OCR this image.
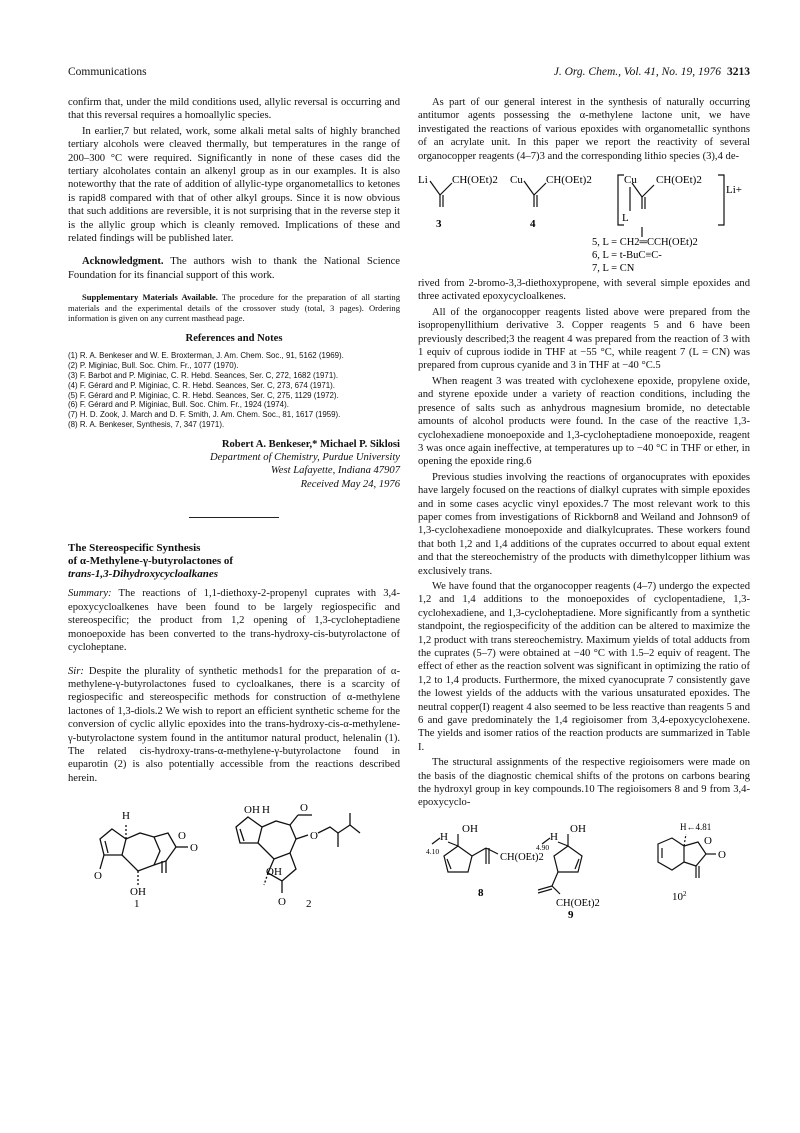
Communications	J. Org. Chem., Vol. 41, No. 19, 1976 3213

confirm that, under the mild conditions used, allylic reversal is occurring and that this reversal requires a homoallylic species.

In earlier,7 but related, work, some alkali metal salts of highly branched tertiary alcohols were cleaved thermally, but temperatures in the range of 200–300 °C were required. Significantly in none of these cases did the tertiary alcoholates contain an alkenyl group as in our examples. It is also noteworthy that the rate of addition of allylic-type organometallics to ketones is rapid8 compared with that of other alkyl groups. Since it is now obvious that such additions are reversible, it is not surprising that in the reverse step it is the allylic group which is cleanly removed. Implications of these and related findings will be published later.

Acknowledgment. The authors wish to thank the National Science Foundation for its financial support of this work.

Supplementary Materials Available. The procedure for the preparation of all starting materials and the experimental details of the crossover study (total, 3 pages). Ordering information is given on any current masthead page.

References and Notes
(1) R. A. Benkeser and W. E. Broxterman, J. Am. Chem. Soc., 91, 5162 (1969).
(2) P. Miginiac, Bull. Soc. Chim. Fr., 1077 (1970).
(3) F. Barbot and P. Miginiac, C. R. Hebd. Seances, Ser. C, 272, 1682 (1971).
(4) F. Gérard and P. Miginiac, C. R. Hebd. Seances, Ser. C, 273, 674 (1971).
(5) F. Gérard and P. Miginiac, C. R. Hebd. Seances, Ser. C, 275, 1129 (1972).
(6) F. Gérard and P. Miginiac, Bull. Soc. Chim. Fr., 1924 (1974).
(7) H. D. Zook, J. March and D. F. Smith, J. Am. Chem. Soc., 81, 1617 (1959).
(8) R. A. Benkeser, Synthesis, 7, 347 (1971).
Robert A. Benkeser,* Michael P. Siklosi
Department of Chemistry, Purdue University
West Lafayette, Indiana 47907
Received May 24, 1976
The Stereospecific Synthesis
of α-Methylene-γ-butyrolactones of
trans-1,3-Dihydroxycycloalkanes

Summary: The reactions of 1,1-diethoxy-2-propenyl cuprates with 3,4-epoxycycloalkenes have been found to be largely regiospecific and stereospecific; the product from 1,2 opening of 1,3-cycloheptadiene monoepoxide has been converted to the trans-hydroxy-cis-butyrolactone of cycloheptane.

Sir: Despite the plurality of synthetic methods1 for the preparation of α-methylene-γ-butyrolactones fused to cycloalkanes, there is a scarcity of regiospecific and stereospecific methods for construction of α-methylene lactones of 1,3-diols.2 We wish to report an efficient synthetic scheme for the conversion of cyclic allylic epoxides into the trans-hydroxy-cis-α-methylene-γ-butyrolactone system found in the antitumor natural product, helenalin (1). The related cis-hydroxy-trans-α-methylene-γ-butyrolactone found in euparotin (2) is also potentially accessible from the reactions described herein.

H
O
O
O
OH
1
OH H	O
O
OH
O 2

As part of our general interest in the synthesis of naturally occurring antitumor agents possessing the α-methylene lactone unit, we have investigated the reactions of various epoxides with organometallic synthons of an acrylate unit. In this paper we report the reactivity of several organocopper reagents (4–7)3 and the corresponding lithio species (3),4 de-

Li CH(OEt)2 Cu CH(OEt)2	Cu CH(OEt)2
L
Li+
3	4
5, L = CH2═CCH(OEt)2
6, L = t-BuC≡C-
7, L = CN

rived from 2-bromo-3,3-diethoxypropene, with several simple epoxides and three activated epoxycycloalkenes.

All of the organocopper reagents listed above were prepared from the isopropenyllithium derivative 3. Copper reagents 5 and 6 have been previously described;3 the reagent 4 was prepared from the reaction of 3 with 1 equiv of cuprous iodide in THF at −55 °C, while reagent 7 (L = CN) was prepared from cuprous cyanide and 3 in THF at −40 °C.5

When reagent 3 was treated with cyclohexene epoxide, propylene oxide, and styrene epoxide under a variety of reaction conditions, including the presence of salts such as anhydrous magnesium bromide, no detectable amounts of alcohol products were found. In the case of the reactive 1,3-cyclohexadiene monoepoxide and 1,3-cycloheptadiene monoepoxide, reagent 3 was once again ineffective, at temperatures up to −40 °C in THF or ether, in opening the epoxide ring.6

Previous studies involving the reactions of organocuprates with epoxides have largely focused on the reactions of dialkyl cuprates with simple epoxides and in some cases acyclic vinyl epoxides.7 The most relevant work to this paper comes from investigations of Rickborn8 and Weiland and Johnson9 of 1,3-cyclohexadiene monoepoxide and dialkylcuprates. These workers found that both 1,2 and 1,4 additions of the cuprates occurred to about equal extent and that the stereochemistry of the products with dimethylcopper lithium was exclusively trans.

We have found that the organocopper reagents (4–7) undergo the expected 1,2 and 1,4 additions to the monoepoxides of cyclopentadiene, 1,3-cyclohexadiene, and 1,3-cycloheptadiene. More significantly from a synthetic standpoint, the regiospecificity of the addition can be altered to maximize the 1,2 product with trans stereochemistry. Maximum yields of total adducts from the cuprates (5–7) were obtained at −40 °C with 1.5–2 equiv of reagent. The effect of ether as the reaction solvent was significant in optimizing the ratio of 1,2 to 1,4 products. Furthermore, the mixed cyanocuprate 7 consistently gave the lowest yields of the adducts with the various unsaturated epoxides. The neutral copper(I) reagent 4 also seemed to be less reactive than reagents 5 and 6 and gave predominately the 1,4 regioisomer from 3,4-epoxycyclohexene. The yields and isomer ratios of the reaction products are summarized in Table I.

The structural assignments of the respective regioisomers were made on the basis of the diagnostic chemical shifts of the protons on carbons bearing the hydroxyl group in key compounds.10 The regioisomers 8 and 9 from 3,4-epoxycyclo-

OH
H
4.10
CH(OEt)2
8
OH
H
4.90
CH(OEt)2
9
H←4.81
O
O
$10^2$
